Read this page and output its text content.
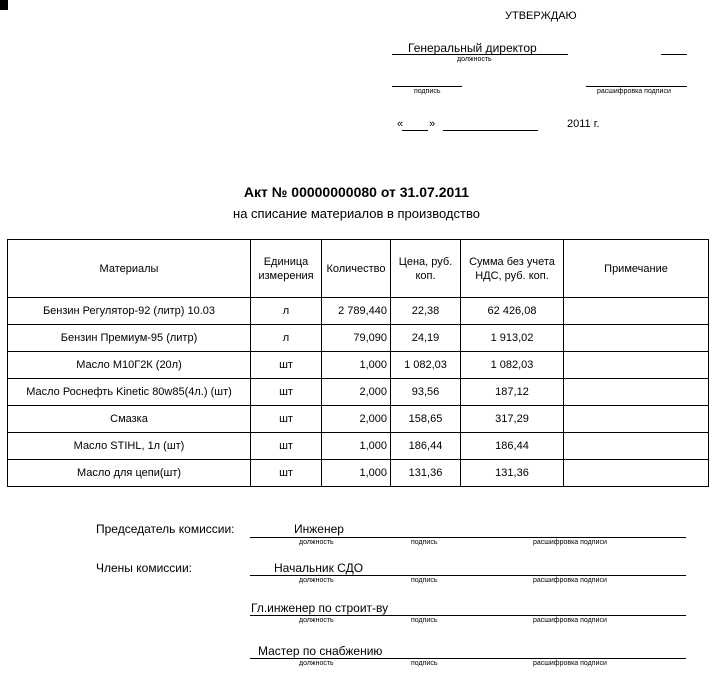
УТВЕРЖДАЮ
Генеральный директор
должность
подпись	расшифровка подписи
« »	2011 г.
Акт № 00000000080 от 31.07.2011
на списание материалов в производство
Материалы	Единица измерения	Количество	Цена, руб. коп.	Сумма без учета НДС, руб. коп.	Примечание
Бензин Регулятор-92 (литр) 10.03	л	2 789,440	22,38	62 426,08	
Бензин Премиум-95 (литр)	л	79,090	24,19	1 913,02	
Масло М10Г2К (20л)	шт	1,000	1 082,03	1 082,03	
Масло Роснефть Kinetic 80w85(4л.) (шт)	шт	2,000	93,56	187,12	
Смазка	шт	2,000	158,65	317,29	
Масло STIHL, 1л (шт)	шт	1,000	186,44	186,44	
Масло для цепи(шт)	шт	1,000	131,36	131,36	
Председатель комиссии:
Члены комиссии:
Инженер
должность	подпись	расшифровка подписи
Начальник СДО
должность	подпись	расшифровка подписи
Гл.инженер по строит-ву
должность	подпись	расшифровка подписи
Мастер по снабжению
должность	подпись	расшифровка подписи
